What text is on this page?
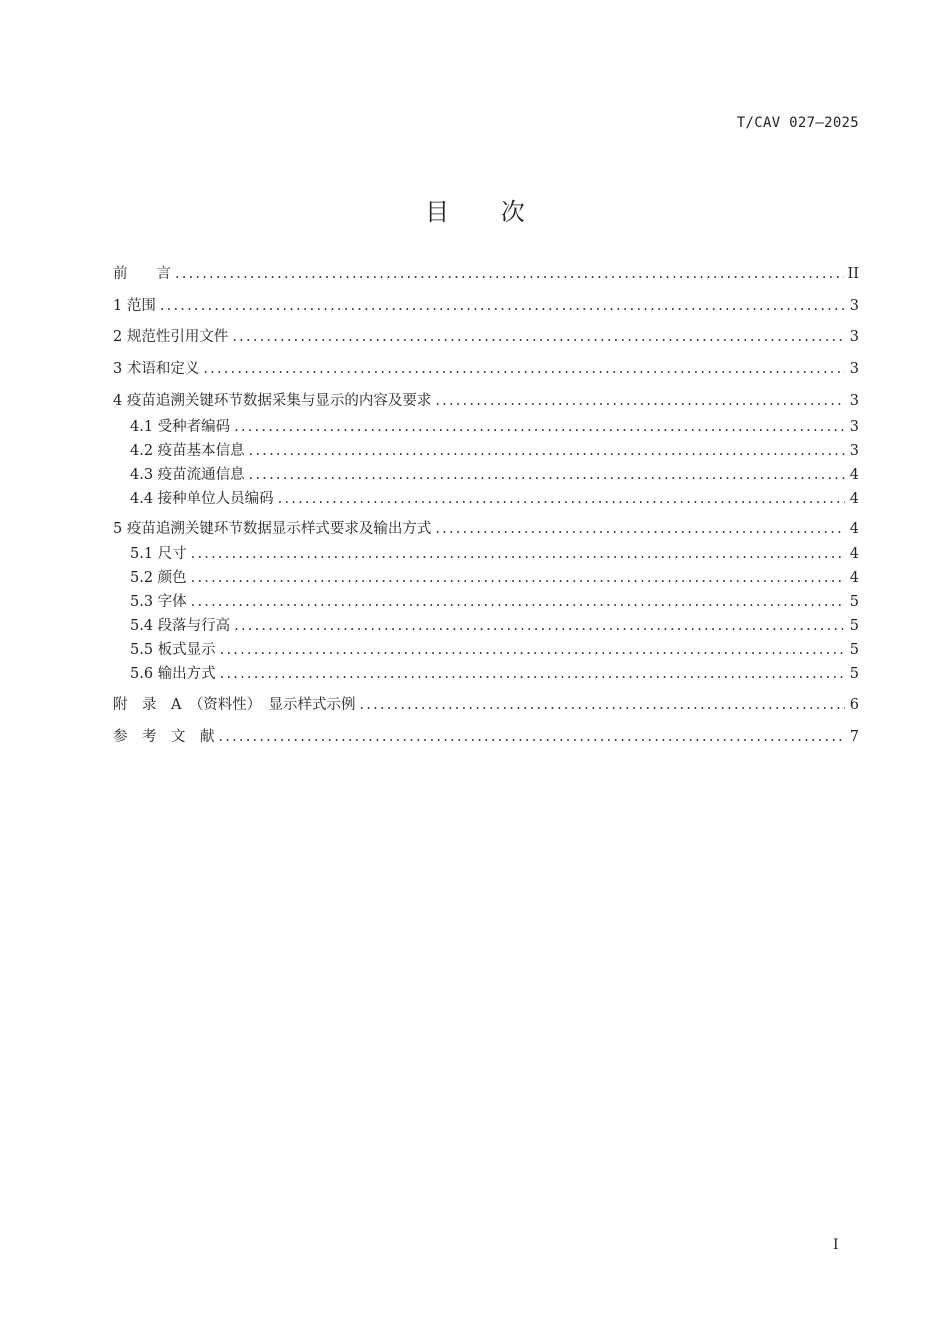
T/CAV 027—2025
目 次
前　　言 .....	II
1 范围 .....	3
2 规范性引用文件 .....	3
3 术语和定义 .....	3
4 疫苗追溯关键环节数据采集与显示的内容及要求 .....	3
4.1 受种者编码 .....	3
4.2 疫苗基本信息 .....	3
4.3 疫苗流通信息 .....	4
4.4 接种单位人员编码 .....	4
5 疫苗追溯关键环节数据显示样式要求及输出方式 .....	4
5.1 尺寸 .....	4
5.2 颜色 .....	4
5.3 字体 .....	5
5.4 段落与行高 .....	5
5.5 板式显示 .....	5
5.6 输出方式 .....	5
附　录　A　（资料性）　显示样式示例 .....	6
参　考　文　献 .....	7
I
